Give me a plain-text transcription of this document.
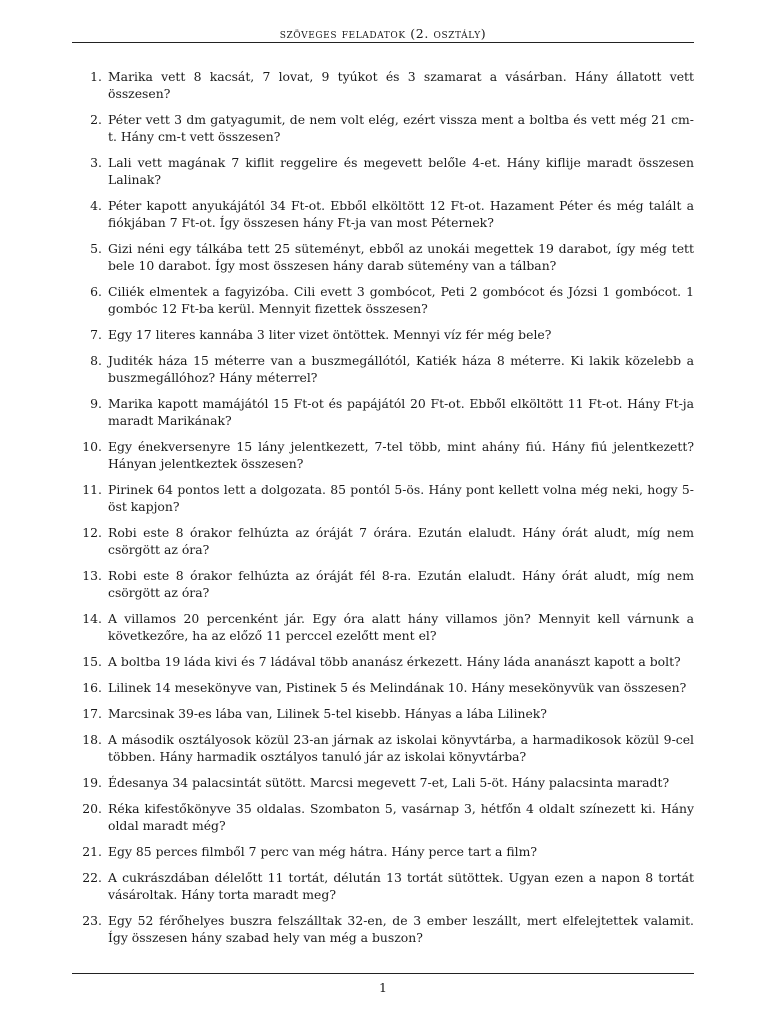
szöveges feladatok (2. osztály)
1. Marika vett 8 kacsát, 7 lovat, 9 tyúkot és 3 szamarat a vásárban. Hány állatott vett összesen?
2. Péter vett 3 dm gatyagumit, de nem volt elég, ezért vissza ment a boltba és vett még 21 cm-t. Hány cm-t vett összesen?
3. Lali vett magának 7 kiflit reggelire és megevett belőle 4-et. Hány kiflije maradt összesen Lalinak?
4. Péter kapott anyukájától 34 Ft-ot. Ebből elköltött 12 Ft-ot. Hazament Péter és még talált a fiókjában 7 Ft-ot. Így összesen hány Ft-ja van most Péternek?
5. Gizi néni egy tálkába tett 25 süteményt, ebből az unokái megettek 19 darabot, így még tett bele 10 darabot. Így most összesen hány darab sütemény van a tálban?
6. Ciliék elmentek a fagyizóba. Cili evett 3 gombócot, Peti 2 gombócot és Józsi 1 gombócot. 1 gombóc 12 Ft-ba kerül. Mennyit fizettek összesen?
7. Egy 17 literes kannába 3 liter vizet öntöttek. Mennyi víz fér még bele?
8. Juditék háza 15 méterre van a buszmegállótól, Katiék háza 8 méterre. Ki lakik közelebb a buszmegállóhoz? Hány méterrel?
9. Marika kapott mamájától 15 Ft-ot és papájától 20 Ft-ot. Ebből elköltött 11 Ft-ot. Hány Ft-ja maradt Marikának?
10. Egy énekversenyre 15 lány jelentkezett, 7-tel több, mint ahány fiú. Hány fiú jelentkezett? Hányan jelentkeztek összesen?
11. Pirinek 64 pontos lett a dolgozata. 85 pontól 5-ös. Hány pont kellett volna még neki, hogy 5-öst kapjon?
12. Robi este 8 órakor felhúzta az óráját 7 órára. Ezután elaludt. Hány órát aludt, míg nem csörgött az óra?
13. Robi este 8 órakor felhúzta az óráját fél 8-ra. Ezután elaludt. Hány órát aludt, míg nem csörgött az óra?
14. A villamos 20 percenként jár. Egy óra alatt hány villamos jön? Mennyit kell várnunk a következőre, ha az előző 11 perccel ezelőtt ment el?
15. A boltba 19 láda kivi és 7 ládával több ananász érkezett. Hány láda ananászt kapott a bolt?
16. Lilinek 14 mesekönyve van, Pistinek 5 és Melindának 10. Hány mesekönyvük van összesen?
17. Marcsinak 39-es lába van, Lilinek 5-tel kisebb. Hányas a lába Lilinek?
18. A második osztályosok közül 23-an járnak az iskolai könyvtárba, a harmadikosok közül 9-cel többen. Hány harmadik osztályos tanuló jár az iskolai könyvtárba?
19. Édesanya 34 palacsintát sütött. Marcsi megevett 7-et, Lali 5-öt. Hány palacsinta maradt?
20. Réka kifestőkönyve 35 oldalas. Szombaton 5, vasárnap 3, hétfőn 4 oldalt színezett ki. Hány oldal maradt még?
21. Egy 85 perces filmből 7 perc van még hátra. Hány perce tart a film?
22. A cukrászdában délelőtt 11 tortát, délután 13 tortát sütöttek. Ugyan ezen a napon 8 tortát vásároltak. Hány torta maradt meg?
23. Egy 52 férőhelyes buszra felszálltak 32-en, de 3 ember leszállt, mert elfelejtettek valamit. Így összesen hány szabad hely van még a buszon?
1
